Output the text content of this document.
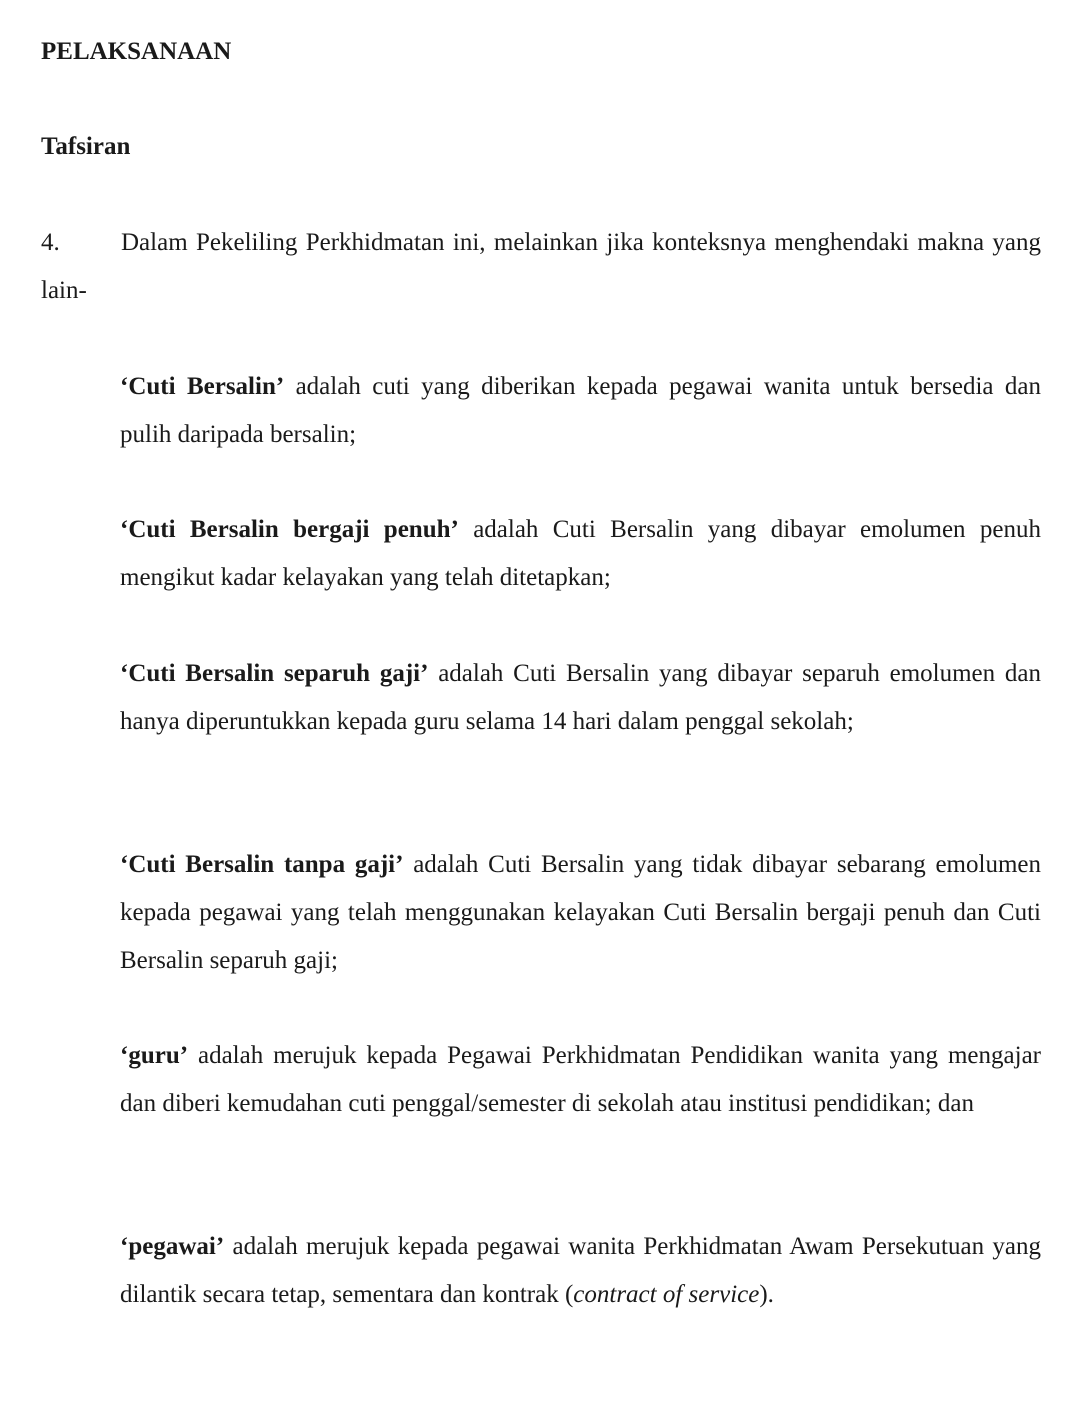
PELAKSANAAN
Tafsiran

4. Dalam Pekeliling Perkhidmatan ini, melainkan jika konteksnya menghendaki makna yang lain-

‘Cuti Bersalin’ adalah cuti yang diberikan kepada pegawai wanita untuk bersedia dan pulih daripada bersalin;

‘Cuti Bersalin bergaji penuh’ adalah Cuti Bersalin yang dibayar emolumen penuh mengikut kadar kelayakan yang telah ditetapkan;

‘Cuti Bersalin separuh gaji’ adalah Cuti Bersalin yang dibayar separuh emolumen dan hanya diperuntukkan kepada guru selama 14 hari dalam penggal sekolah;

‘Cuti Bersalin tanpa gaji’ adalah Cuti Bersalin yang tidak dibayar sebarang emolumen kepada pegawai yang telah menggunakan kelayakan Cuti Bersalin bergaji penuh dan Cuti Bersalin separuh gaji;

‘guru’ adalah merujuk kepada Pegawai Perkhidmatan Pendidikan wanita yang mengajar dan diberi kemudahan cuti penggal/semester di sekolah atau institusi pendidikan; dan

‘pegawai’ adalah merujuk kepada pegawai wanita Perkhidmatan Awam Persekutuan yang dilantik secara tetap, sementara dan kontrak (contract of service).
